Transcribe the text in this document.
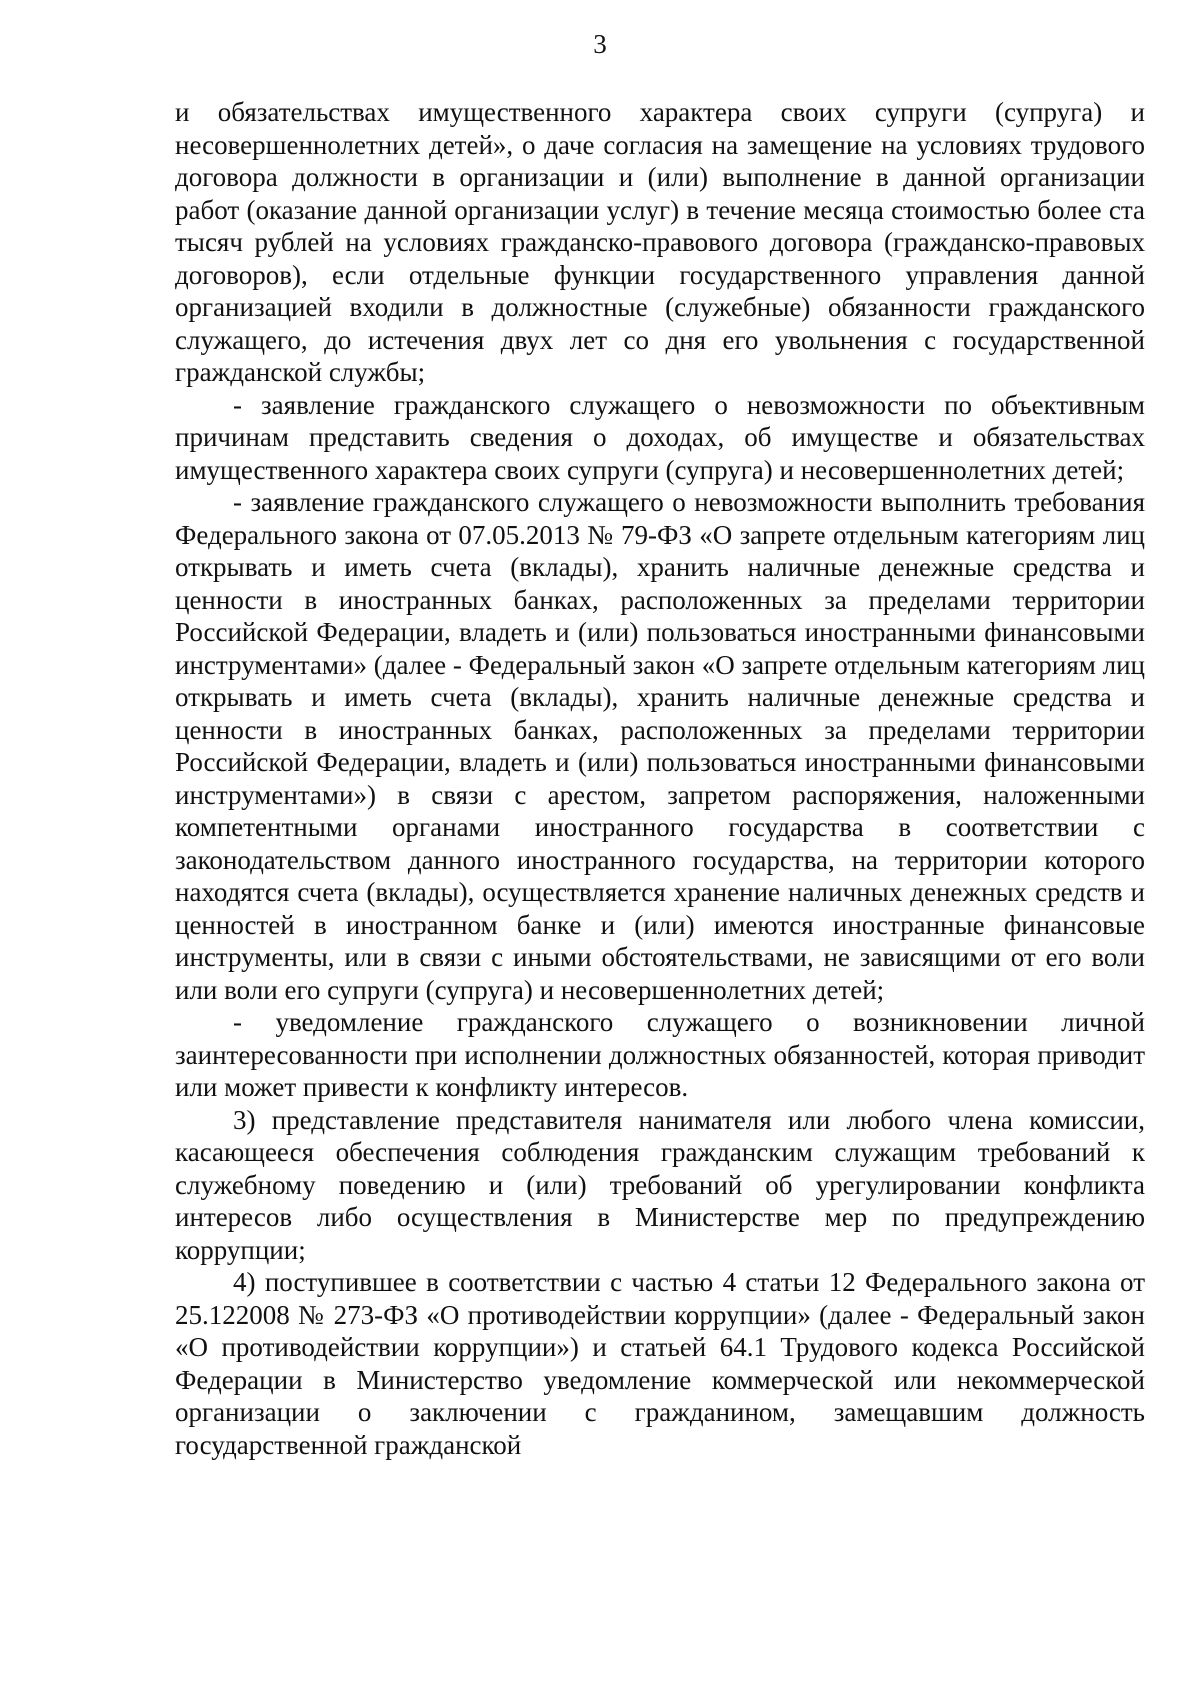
3

и обязательствах имущественного характера своих супруги (супруга) и несовершеннолетних детей», о даче согласия на замещение на условиях трудового договора должности в организации и (или) выполнение в данной организации работ (оказание данной организации услуг) в течение месяца стоимостью более ста тысяч рублей на условиях гражданско-правового договора (гражданско-правовых договоров), если отдельные функции государственного управления данной организацией входили в должностные (служебные) обязанности гражданского служащего, до истечения двух лет со дня его увольнения с государственной гражданской службы;

- заявление гражданского служащего о невозможности по объективным причинам представить сведения о доходах, об имуществе и обязательствах имущественного характера своих супруги (супруга) и несовершеннолетних детей;

- заявление гражданского служащего о невозможности выполнить требования Федерального закона от 07.05.2013 № 79-ФЗ «О запрете отдельным категориям лиц открывать и иметь счета (вклады), хранить наличные денежные средства и ценности в иностранных банках, расположенных за пределами территории Российской Федерации, владеть и (или) пользоваться иностранными финансовыми инструментами» (далее - Федеральный закон «О запрете отдельным категориям лиц открывать и иметь счета (вклады), хранить наличные денежные средства и ценности в иностранных банках, расположенных за пределами территории Российской Федерации, владеть и (или) пользоваться иностранными финансовыми инструментами») в связи с арестом, запретом распоряжения, наложенными компетентными органами иностранного государства в соответствии с законодательством данного иностранного государства, на территории которого находятся счета (вклады), осуществляется хранение наличных денежных средств и ценностей в иностранном банке и (или) имеются иностранные финансовые инструменты, или в связи с иными обстоятельствами, не зависящими от его воли или воли его супруги (супруга) и несовершеннолетних детей;

- уведомление гражданского служащего о возникновении личной заинтересованности при исполнении должностных обязанностей, которая приводит или может привести к конфликту интересов.

3) представление представителя нанимателя или любого члена комиссии, касающееся обеспечения соблюдения гражданским служащим требований к служебному поведению и (или) требований об урегулировании конфликта интересов либо осуществления в Министерстве мер по предупреждению коррупции;

4) поступившее в соответствии с частью 4 статьи 12 Федерального закона от 25.122008 № 273-ФЗ «О противодействии коррупции» (далее - Федеральный закон «О противодействии коррупции») и статьей 64.1 Трудового кодекса Российской Федерации в Министерство уведомление коммерческой или некоммерческой организации о заключении с гражданином, замещавшим должность государственной гражданской
